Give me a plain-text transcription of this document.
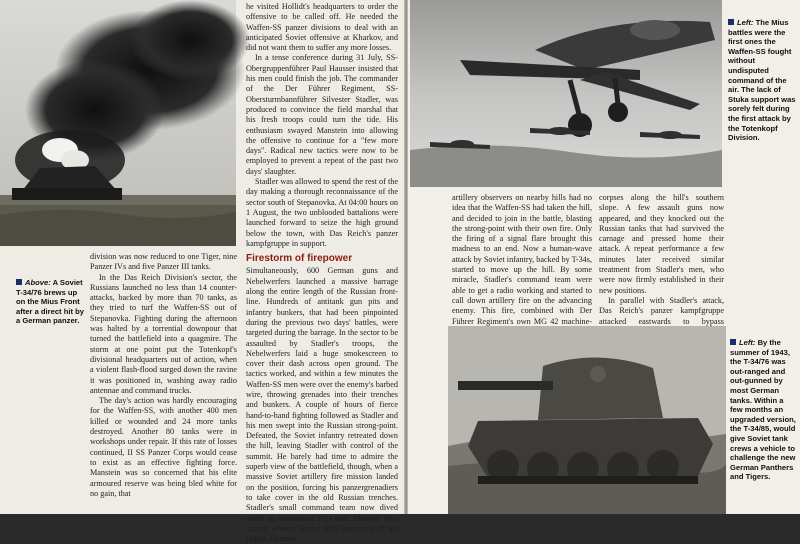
Above: A Soviet T-34/76 brews up on the Mius Front after a direct hit by a German panzer.

division was now reduced to one Tiger, nine Panzer IVs and five Panzer III tanks.

In the Das Reich Division's sector, the Russians launched no less than 14 counter-attacks, backed by more than 70 tanks, as they tried to turf the Waffen-SS out of Stepanovka. Fighting during the afternoon was halted by a torrential downpour that turned the battlefield into a quagmire. The storm at one point put the Totenkopf's divisional headquarters out of action, when a violent flash-flood surged down the ravine it was positioned in, washing away radio antennae and command trucks.

The day's action was hardly encouraging for the Waffen-SS, with another 400 men killed or wounded and 24 more tanks destroyed. Another 80 tanks were in workshops under repair. If this rate of losses continued, II SS Panzer Corps would cease to exist as an effective fighting force. Manstein was so concerned that his elite armoured reserve was being bled white for no gain, that

he visited Hollidt's headquarters to order the offensive to be called off. He needed the Waffen-SS panzer divisions to deal with an anticipated Soviet offensive at Kharkov, and did not want them to suffer any more losses.

In a tense conference during 31 July, SS-Obergruppenführer Paul Hausser insisted that his men could finish the job. The commander of the Der Führer Regiment, SS-Obersturmbannführer Silvester Stadler, was produced to convince the field marshal that his fresh troops could turn the tide. His enthusiasm swayed Manstein into allowing the offensive to continue for a "few more days". Radical new tactics were now to be employed to prevent a repeat of the past two days' slaughter.

Stadler was allowed to spend the rest of the day making a thorough reconnaissance of the sector south of Stepanovka. At 04:00 hours on 1 August, the two unblooded battalions were launched forward to seize the high ground below the town, with Das Reich's panzer kampfgruppe in support.

Firestorm of firepower

Simultaneously, 600 German guns and Nebelwerfers launched a massive barrage along the entire length of the Russian front-line. Hundreds of antitank gun pits and infantry bunkers, that had been pinpointed during the previous two days' battles, were targeted during the barrage. In the sector to be assaulted by Stadler's troops, the Nebelwerfers laid a huge smokescreen to cover their dash across open ground. The tactics worked, and within a few minutes the Waffen-SS men were over the enemy's barbed wire, throwing grenades into their trenches and bunkers. A couple of hours of fierce hand-to-hand fighting followed as Stadler and his men swept into the Russian strong-point. Defeated, the Soviet infantry retreated down the hill, leaving Stadler with control of the summit. He barely had time to admire the superb view of the battlefield, though, when a massive Soviet artillery fire mission landed on the position, forcing his panzergrenadiers to take cover in the old Russian trenches. Stadler's small command team now dived under an abandoned T-34 tank. Disaster then struck, when a Soviet shell destroyed all his radios. German

Left: The Mius battles were the first ones the Waffen-SS fought without undisputed command of the air. The lack of Stuka support was sorely felt during the first attack by the Totenkopf Division.

artillery observers on nearby hills had no idea that the Waffen-SS had taken the hill, and decided to join in the battle, blasting the strong-point with their own fire. Only the firing of a signal flare brought this madness to an end. Now a human-wave attack by Soviet infantry, backed by T-34s, started to move up the hill. By some miracle, Stadler's command team were able to get a radio working and started to call down artillery fire on the advancing enemy. This fire, combined with Der Führer Regiment's own MG 42 machine-

corpses along the hill's southern slope. A few assault guns now appeared, and they knocked out the Russian tanks that had survived the carnage and pressed home their attack. A repeat performance a few minutes later received similar treatment from Stadler's men, who were now firmly established in their new positions.

In parallel with Stadler's attack, Das Reich's panzer kampfgruppe attacked eastwards to bypass

Left: By the summer of 1943, the T-34/76 was out-ranged and out-gunned by most German tanks. Within a few months an upgraded version, the T-34/85, would give Soviet tank crews a vehicle to challenge the new German Panthers and Tigers.
